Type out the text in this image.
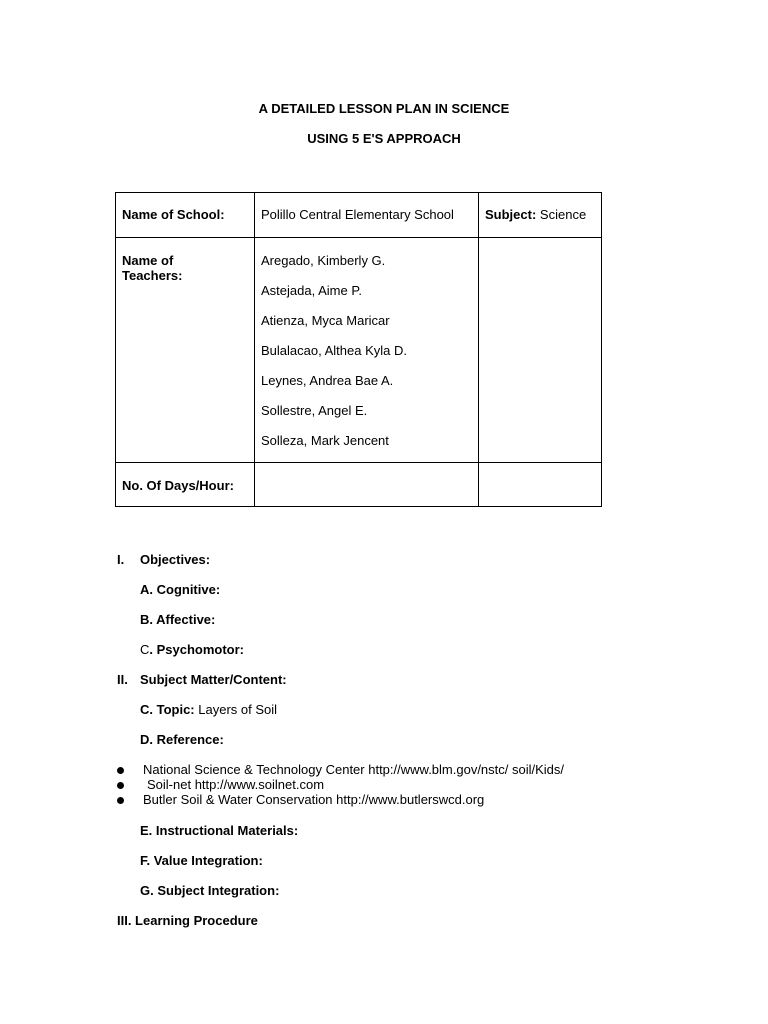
A DETAILED LESSON PLAN IN SCIENCE
USING 5 E'S APPROACH
Name of School:	Polillo Central Elementary School Subject: Science
Name of
Teachers:
Aregado, Kimberly G.
Astejada, Aime P.
Atienza, Myca Maricar
Bulalacao, Althea Kyla D.
Leynes, Andrea Bae A.
Sollestre, Angel E.
Solleza, Mark Jencent
No. Of Days/Hour:
I. Objectives:
A. Cognitive:
B. Affective:
C. Psychomotor:
II. Subject Matter/Content:
C. Topic: Layers of Soil
D. Reference:
National Science & Technology Center http://www.blm.gov/nstc/ soil/Kids/
Soil-net http://www.soilnet.com
Butler Soil & Water Conservation http://www.butlerswcd.org
E. Instructional Materials:
F. Value Integration:
G. Subject Integration:
III. Learning Procedure
